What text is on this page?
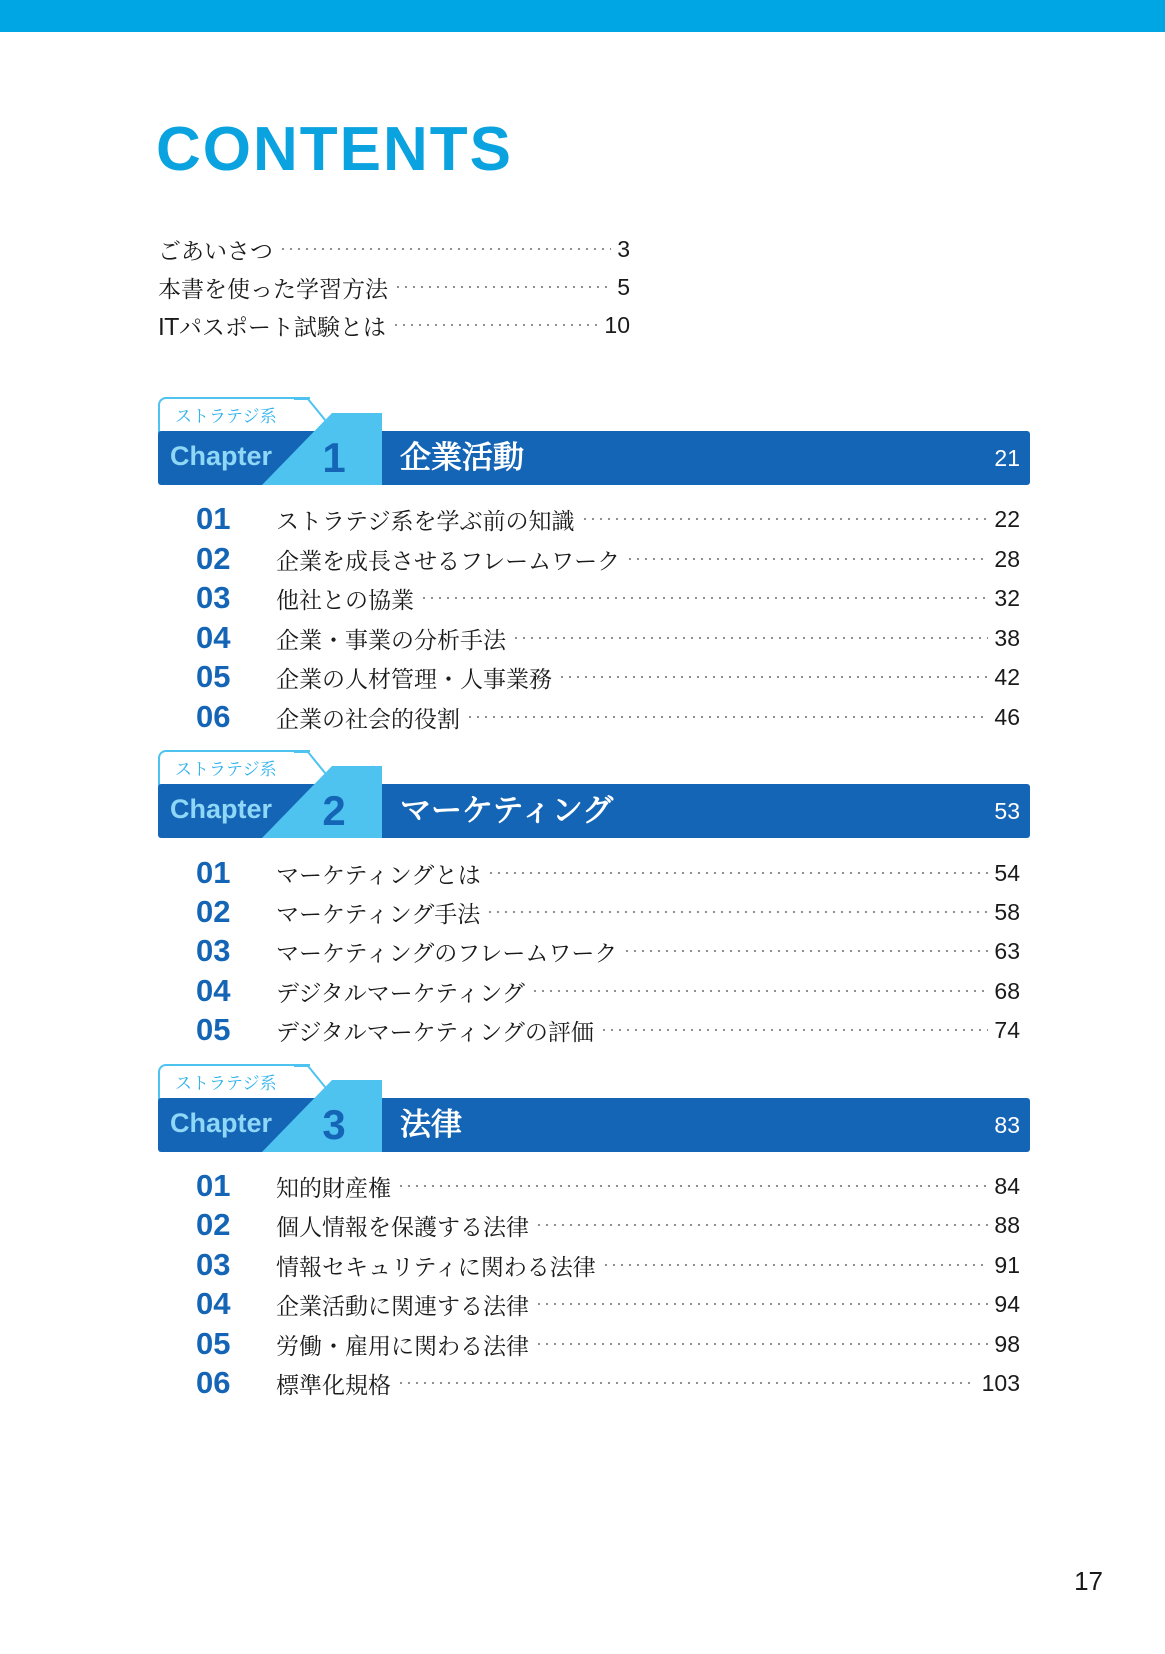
CONTENTS
ごあいさつ	3
本書を使った学習方法	5
ITパスポート試験とは	10
ストラテジ系
Chapter 1 企業活動	21
01	ストラテジ系を学ぶ前の知識	22
02	企業を成長させるフレームワーク	28
03	他社との協業	32
04	企業・事業の分析手法	38
05	企業の人材管理・人事業務	42
06	企業の社会的役割	46
ストラテジ系
Chapter 2 マーケティング	53
01	マーケティングとは	54
02	マーケティング手法	58
03	マーケティングのフレームワーク	63
04	デジタルマーケティング	68
05	デジタルマーケティングの評価	74
ストラテジ系
Chapter 3 法律	83
01	知的財産権	84
02	個人情報を保護する法律	88
03	情報セキュリティに関わる法律	91
04	企業活動に関連する法律	94
05	労働・雇用に関わる法律	98
06	標準化規格	103
17
